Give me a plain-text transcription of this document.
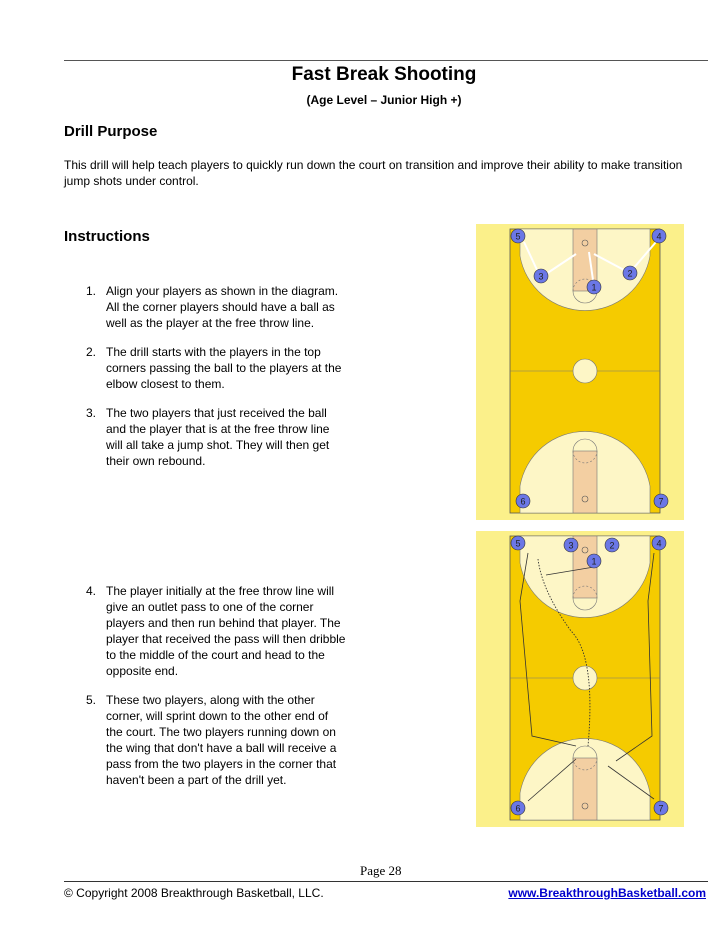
Fast Break Shooting
(Age Level – Junior High +)
Drill Purpose
This drill will help teach players to quickly run down the court on transition and improve their ability to make transition jump shots under control.
Instructions
1. Align your players as shown in the diagram. All the corner players should have a ball as well as the player at the free throw line.
2. The drill starts with the players in the top corners passing the ball to the players at the elbow closest to them.
3. The two players that just received the ball and the player that is at the free throw line will all take a jump shot. They will then get their own rebound.
4. The player initially at the free throw line will give an outlet pass to one of the corner players and then run behind that player. The player that received the pass will then dribble to the middle of the court and head to the opposite end.
5. These two players, along with the other corner, will sprint down to the other end of the court. The two players running down on the wing that don't have a ball will receive a pass from the two players in the corner that haven't been a part of the drill yet.
5	4
3	2
1
6	7
5	4
3	2
1
6	7
Page 28
© Copyright 2008 Breakthrough Basketball, LLC.	www.BreakthroughBasketball.com
